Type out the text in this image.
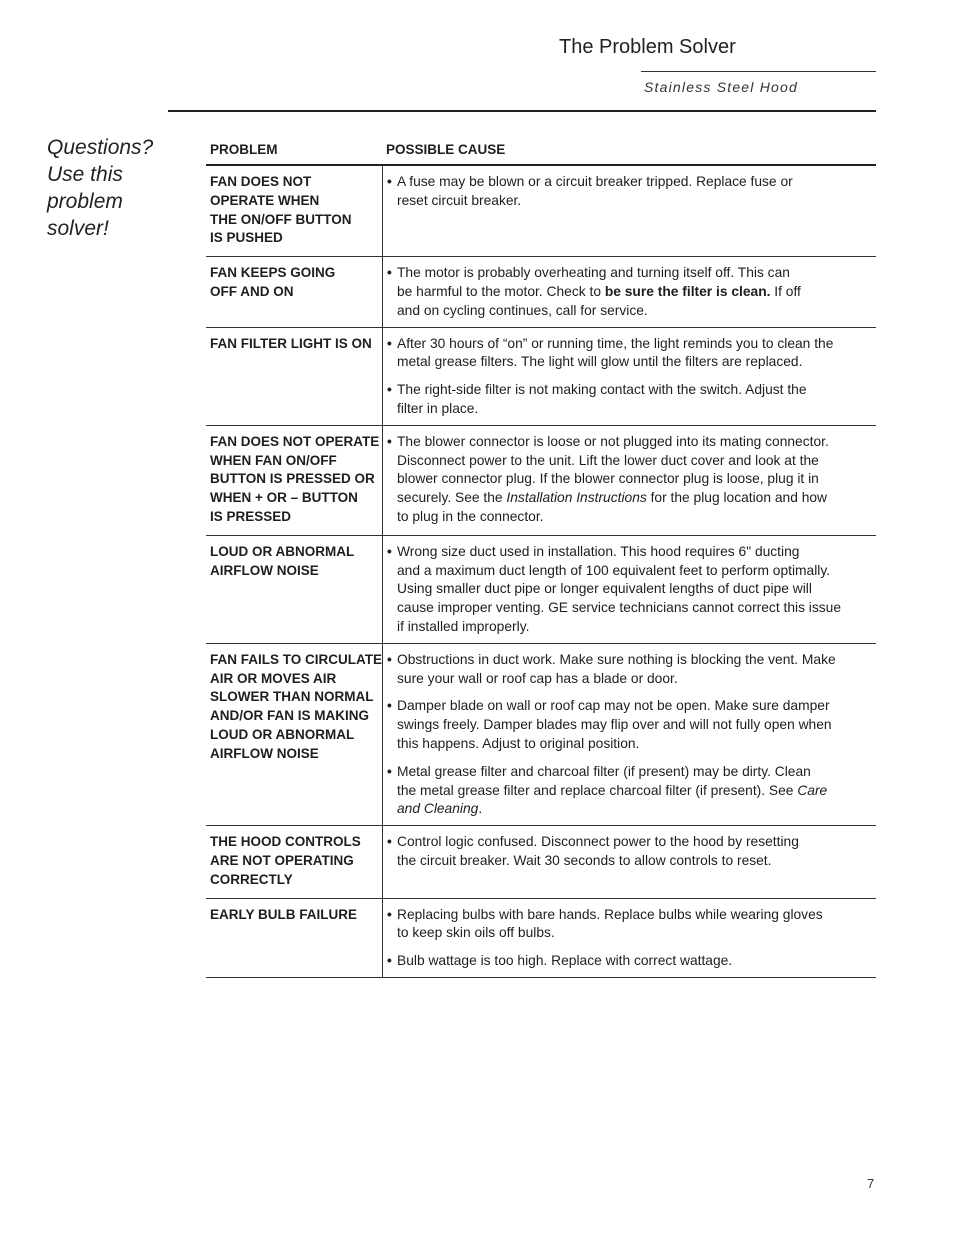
The Problem Solver
Stainless Steel Hood
Questions?
Use this
problem
solver!
PROBLEM	POSSIBLE CAUSE
FAN DOES NOT
OPERATE WHEN
THE ON/OFF BUTTON
IS PUSHED
• A fuse may be blown or a circuit breaker tripped. Replace fuse or
reset circuit breaker.
FAN KEEPS GOING
OFF AND ON
• The motor is probably overheating and turning itself off. This can
be harmful to the motor. Check to be sure the filter is clean. If off
and on cycling continues, call for service.
FAN FILTER LIGHT IS ON	• After 30 hours of “on” or running time, the light reminds you to clean the
metal grease filters. The light will glow until the filters are replaced.
• The right-side filter is not making contact with the switch. Adjust the
filter in place.
FAN DOES NOT OPERATE
WHEN FAN ON/OFF
BUTTON IS PRESSED OR
WHEN + OR – BUTTON
IS PRESSED
• The blower connector is loose or not plugged into its mating connector.
Disconnect power to the unit. Lift the lower duct cover and look at the
blower connector plug. If the blower connector plug is loose, plug it in
securely. See the Installation Instructions for the plug location and how
to plug in the connector.
LOUD OR ABNORMAL
AIRFLOW NOISE
• Wrong size duct used in installation. This hood requires 6" ducting
and a maximum duct length of 100 equivalent feet to perform optimally.
Using smaller duct pipe or longer equivalent lengths of duct pipe will
cause improper venting. GE service technicians cannot correct this issue
if installed improperly.
FAN FAILS TO CIRCULATE
AIR OR MOVES AIR
SLOWER THAN NORMAL
AND/OR FAN IS MAKING
LOUD OR ABNORMAL
AIRFLOW NOISE
• Obstructions in duct work. Make sure nothing is blocking the vent. Make
sure your wall or roof cap has a blade or door.
• Damper blade on wall or roof cap may not be open. Make sure damper
swings freely. Damper blades may flip over and will not fully open when
this happens. Adjust to original position.
• Metal grease filter and charcoal filter (if present) may be dirty. Clean
the metal grease filter and replace charcoal filter (if present). See Care
and Cleaning.
THE HOOD CONTROLS
ARE NOT OPERATING
CORRECTLY
• Control logic confused. Disconnect power to the hood by resetting
the circuit breaker. Wait 30 seconds to allow controls to reset.
EARLY BULB FAILURE	• Replacing bulbs with bare hands. Replace bulbs while wearing gloves
to keep skin oils off bulbs.
• Bulb wattage is too high. Replace with correct wattage.
7
